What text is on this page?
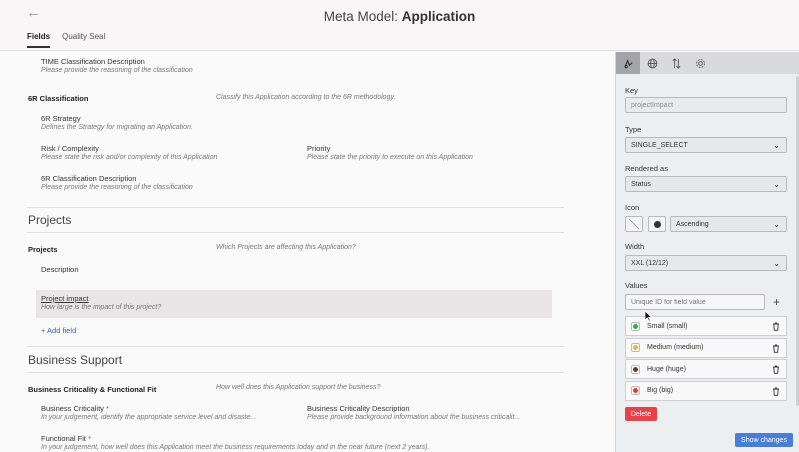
←	Meta Model: Application
Fields Quality Seal
TIME Classification Description
Please provide the reasoning of the classification
6R Classification	Classify this Application according to the 6R methodology.
6R Strategy
Defines the Strategy for migrating an Application.
Risk / Complexity
Please state the risk and/or complexity of this Application
Priority
Please state the priority to execute on this Application
6R Classification Description
Please provide the reasoning of the classification
Projects
Projects	Which Projects are affecting this Application?
Description
Project impact
How large is the impact of this project?
+ Add field
Business Support
Business Criticality & Functional Fit	How well does this Application support the business?
Business Criticality *
In your judgement, identify the appropriate service level and disaste...
Business Criticality Description
Please provide background information about the business criticalit...
Functional Fit *
In your judgement, how well does this Application meet the business requirements today and in the near future (next 2 years).
Key
projectImpact
Type
SINGLE_SELECT	⌄
Rendered as
Status	⌄
Icon
Ascending	⌄
Width
XXL (12/12)	⌄
Values
Unique ID for field value
+
Small (small)
Medium (medium)
Huge (huge)
Big (big)
Delete
Show changes
